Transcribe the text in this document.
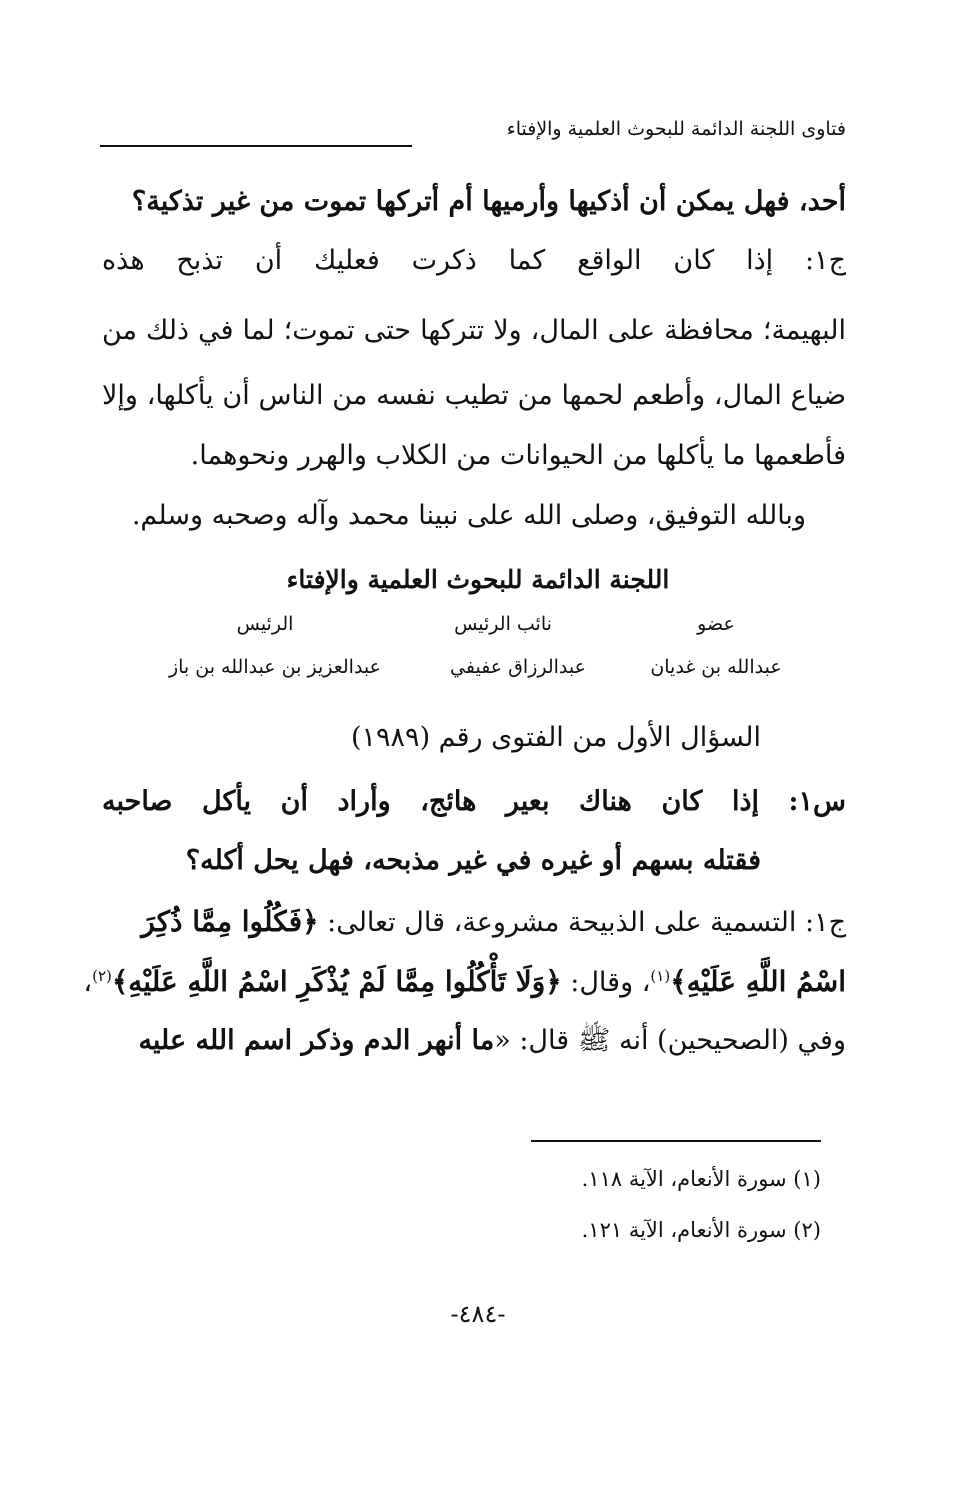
فتاوى اللجنة الدائمة للبحوث العلمية والإفتاء
أحد، فهل يمكن أن أذكيها وأرميها أم أتركها تموت من غير تذكية؟
ج١: إذا كان الواقع كما ذكرت فعليك أن تذبح هذه
البهيمة؛ محافظة على المال، ولا تتركها حتى تموت؛ لما في ذلك من
ضياع المال، وأطعم لحمها من تطيب نفسه من الناس أن يأكلها، وإلا
فأطعمها ما يأكلها من الحيوانات من الكلاب والهرر ونحوهما.
وبالله التوفيق، وصلى الله على نبينا محمد وآله وصحبه وسلم.
اللجنة الدائمة للبحوث العلمية والإفتاء
عضو
نائب الرئيس
الرئيس
عبدالله بن غديان
عبدالرزاق عفيفي
عبدالعزيز بن عبدالله بن باز
السؤال الأول من الفتوى رقم (١٩٨٩)
س١: إذا كان هناك بعير هائج، وأراد أن يأكل صاحبه
فقتله بسهم أو غيره في غير مذبحه، فهل يحل أكله؟
ج١: التسمية على الذبيحة مشروعة، قال تعالى: ﴿فَكُلُوا مِمَّا ذُكِرَ
اسْمُ اللَّهِ عَلَيْهِ﴾$^{(١)}$، وقال: ﴿وَلَا تَأْكُلُوا مِمَّا لَمْ يُذْكَرِ اسْمُ اللَّهِ عَلَيْهِ﴾$^{(٢)}$،
وفي (الصحيحين) أنه ﷺ قال: «ما أنهر الدم وذكر اسم الله عليه
(١) سورة الأنعام، الآية ١١٨.
(٢) سورة الأنعام، الآية ١٢١.
-٤٨٤-
